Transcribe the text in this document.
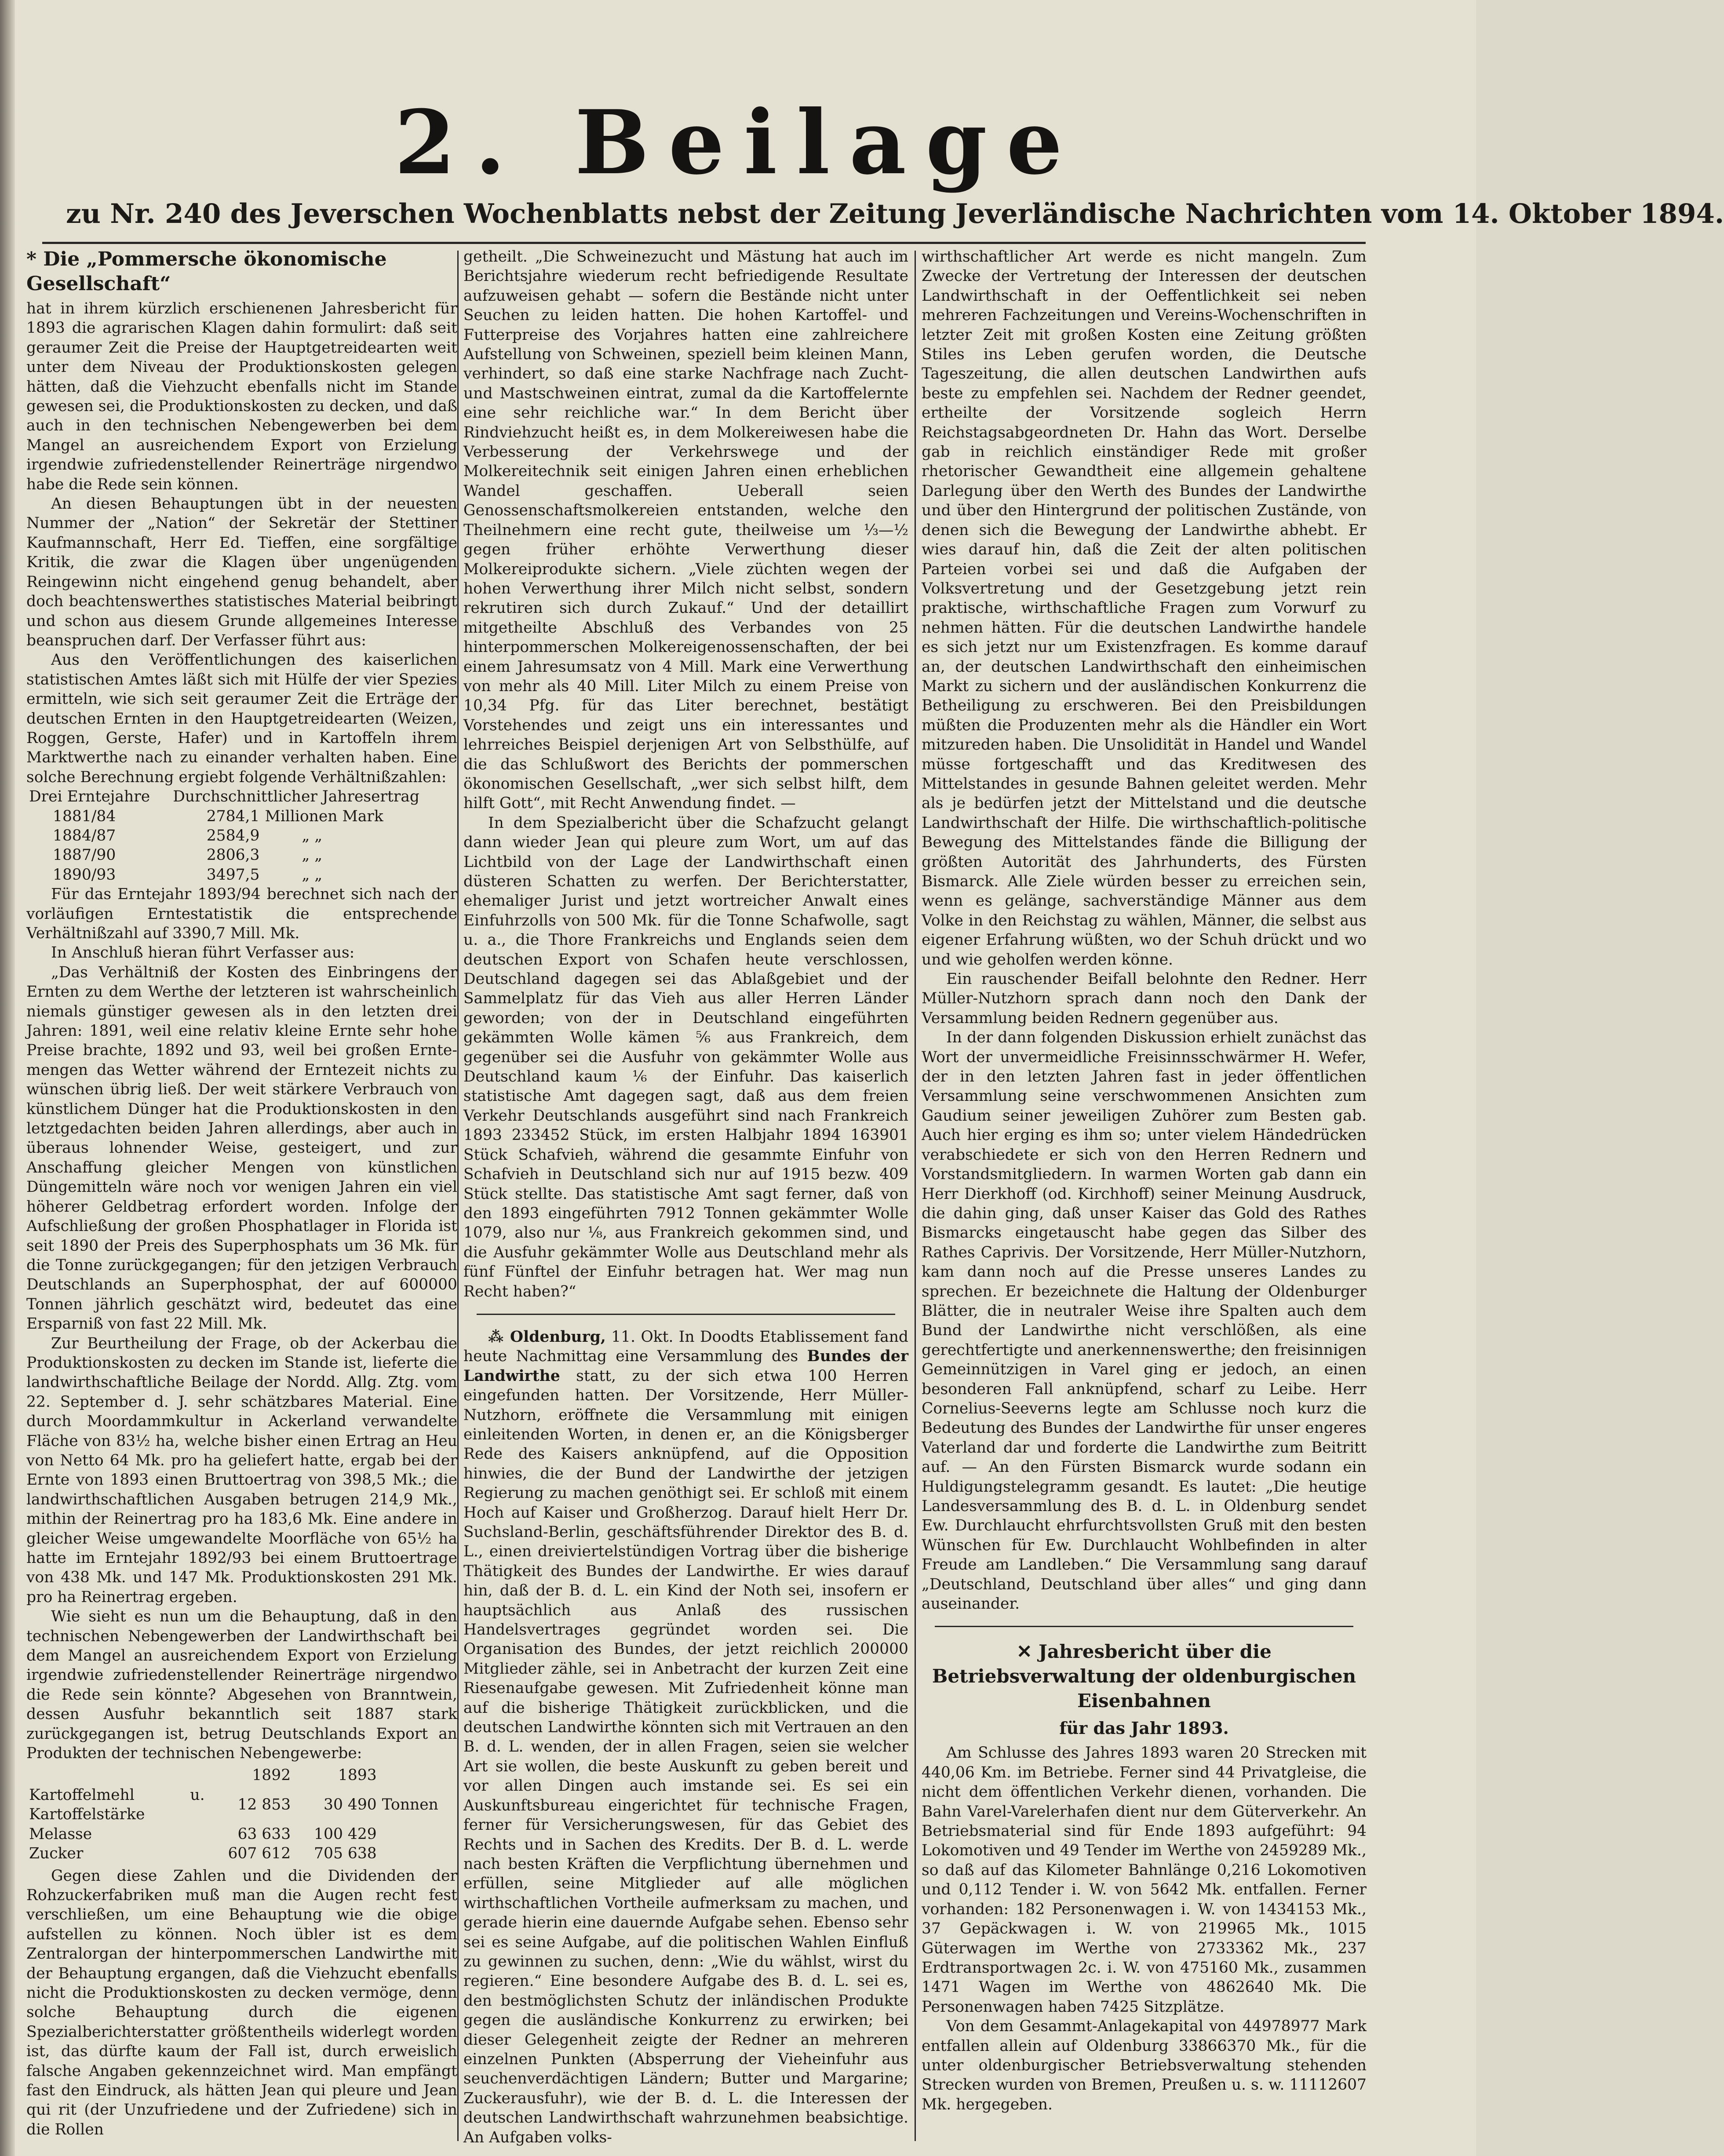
2. Beilage
zu Nr. 240 des Jeverschen Wochenblatts nebst der Zeitung Jeverländische Nachrichten vom 14. Oktober 1894.
* Die „Pommersche ökonomische Gesellschaft“

hat in ihrem kürzlich erschienenen Jahresbericht für 1893 die agrarischen Klagen dahin formulirt: daß seit geraumer Zeit die Preise der Hauptgetreidearten weit unter dem Niveau der Produktionskosten gelegen hätten, daß die Viehzucht ebenfalls nicht im Stande gewesen sei, die Produktionskosten zu decken, und daß auch in den technischen Nebengewerben bei dem Mangel an ausreichendem Export von Erzielung irgendwie zufriedenstellender Reinerträge nirgendwo habe die Rede sein können.

An diesen Behauptungen übt in der neuesten Nummer der „Nation“ der Sekretär der Stettiner Kaufmannschaft, Herr Ed. Tieffen, eine sorgfältige Kritik, die zwar die Klagen über ungenügenden Reingewinn nicht eingehend genug behandelt, aber doch beachtenswerthes statistisches Material beibringt und schon aus diesem Grunde allgemeines Interesse beanspruchen darf. Der Verfasser führt aus:

Aus den Veröffentlichungen des kaiserlichen statistischen Amtes läßt sich mit Hülfe der vier Spezies ermitteln, wie sich seit geraumer Zeit die Erträge der deutschen Ernten in den Hauptgetreidearten (Weizen, Roggen, Gerste, Hafer) und in Kartoffeln ihrem Marktwerthe nach zu einander verhalten haben. Eine solche Berechnung ergiebt folgende Verhältnißzahlen:

Drei Erntejahre	Durchschnittlicher Jahresertrag	
1881/84	2784,1	Millionen Mark
1884/87	2584,9	„ „
1887/90	2806,3	„ „
1890/93	3497,5	„ „

Für das Erntejahr 1893/94 berechnet sich nach der vorläufigen Erntestatistik die entsprechende Verhältnißzahl auf 3390,7 Mill. Mk.

In Anschluß hieran führt Verfasser aus:

„Das Verhältniß der Kosten des Einbringens der Ernten zu dem Werthe der letzteren ist wahrscheinlich niemals günstiger gewesen als in den letzten drei Jahren: 1891, weil eine relativ kleine Ernte sehr hohe Preise brachte, 1892 und 93, weil bei großen Erntemengen das Wetter während der Erntezeit nichts zu wünschen übrig ließ. Der weit stärkere Verbrauch von künstlichem Dünger hat die Produktionskosten in den letztgedachten beiden Jahren allerdings, aber auch in überaus lohnender Weise, gesteigert, und zur Anschaffung gleicher Mengen von künstlichen Düngemitteln wäre noch vor wenigen Jahren ein viel höherer Geldbetrag erfordert worden. Infolge der Aufschließung der großen Phosphatlager in Florida ist seit 1890 der Preis des Superphosphats um 36 Mk. für die Tonne zurückgegangen; für den jetzigen Verbrauch Deutschlands an Superphosphat, der auf 600000 Tonnen jährlich geschätzt wird, bedeutet das eine Ersparniß von fast 22 Mill. Mk.

Zur Beurtheilung der Frage, ob der Ackerbau die Produktionskosten zu decken im Stande ist, lieferte die landwirthschaftliche Beilage der Nordd. Allg. Ztg. vom 22. September d. J. sehr schätzbares Material. Eine durch Moordammkultur in Ackerland verwandelte Fläche von 83½ ha, welche bisher einen Ertrag an Heu von Netto 64 Mk. pro ha geliefert hatte, ergab bei der Ernte von 1893 einen Bruttoertrag von 398,5 Mk.; die landwirthschaftlichen Ausgaben betrugen 214,9 Mk., mithin der Reinertrag pro ha 183,6 Mk. Eine andere in gleicher Weise umgewandelte Moorfläche von 65½ ha hatte im Erntejahr 1892/93 bei einem Bruttoertrage von 438 Mk. und 147 Mk. Produktionskosten 291 Mk. pro ha Reinertrag ergeben.

Wie sieht es nun um die Behauptung, daß in den technischen Nebengewerben der Landwirthschaft bei dem Mangel an ausreichendem Export von Erzielung irgendwie zufriedenstellender Reinerträge nirgendwo die Rede sein könnte? Abgesehen von Branntwein, dessen Ausfuhr bekanntlich seit 1887 stark zurückgegangen ist, betrug Deutschlands Export an Produkten der technischen Nebengewerbe:

	1892	1893	
Kartoffelmehl u. Kartoffelstärke	12 853	30 490	Tonnen
Melasse	63 633	100 429	
Zucker	607 612	705 638	

Gegen diese Zahlen und die Dividenden der Rohzuckerfabriken muß man die Augen recht fest verschließen, um eine Behauptung wie die obige aufstellen zu können. Noch übler ist es dem Zentralorgan der hinterpommerschen Landwirthe mit der Behauptung ergangen, daß die Viehzucht ebenfalls nicht die Produktionskosten zu decken vermöge, denn solche Behauptung durch die eigenen Spezialberichterstatter größtentheils widerlegt worden ist, das dürfte kaum der Fall ist, durch erweislich falsche Angaben gekennzeichnet wird. Man empfängt fast den Eindruck, als hätten Jean qui pleure und Jean qui rit (der Unzufriedene und der Zufriedene) sich in die Rollen

getheilt. „Die Schweinezucht und Mästung hat auch im Berichtsjahre wiederum recht befriedigende Resultate aufzuweisen gehabt — sofern die Bestände nicht unter Seuchen zu leiden hatten. Die hohen Kartoffel- und Futterpreise des Vorjahres hatten eine zahlreichere Aufstellung von Schweinen, speziell beim kleinen Mann, verhindert, so daß eine starke Nachfrage nach Zucht- und Mastschweinen eintrat, zumal da die Kartoffelernte eine sehr reichliche war.“ In dem Bericht über Rindviehzucht heißt es, in dem Molkereiwesen habe die Verbesserung der Verkehrswege und der Molkereitechnik seit einigen Jahren einen erheblichen Wandel geschaffen. Ueberall seien Genossenschaftsmolkereien entstanden, welche den Theilnehmern eine recht gute, theilweise um ⅓—½ gegen früher erhöhte Verwerthung dieser Molkereiprodukte sichern. „Viele züchten wegen der hohen Verwerthung ihrer Milch nicht selbst, sondern rekrutiren sich durch Zukauf.“ Und der detaillirt mitgetheilte Abschluß des Verbandes von 25 hinterpommerschen Molkereigenossenschaften, der bei einem Jahresumsatz von 4 Mill. Mark eine Verwerthung von mehr als 40 Mill. Liter Milch zu einem Preise von 10,34 Pfg. für das Liter berechnet, bestätigt Vorstehendes und zeigt uns ein interessantes und lehrreiches Beispiel derjenigen Art von Selbsthülfe, auf die das Schlußwort des Berichts der pommerschen ökonomischen Gesellschaft, „wer sich selbst hilft, dem hilft Gott“, mit Recht Anwendung findet. —

In dem Spezialbericht über die Schafzucht gelangt dann wieder Jean qui pleure zum Wort, um auf das Lichtbild von der Lage der Landwirthschaft einen düsteren Schatten zu werfen. Der Berichterstatter, ehemaliger Jurist und jetzt wortreicher Anwalt eines Einfuhrzolls von 500 Mk. für die Tonne Schafwolle, sagt u. a., die Thore Frankreichs und Englands seien dem deutschen Export von Schafen heute verschlossen, Deutschland dagegen sei das Ablaßgebiet und der Sammelplatz für das Vieh aus aller Herren Länder geworden; von der in Deutschland eingeführten gekämmten Wolle kämen ⁵⁄₆ aus Frankreich, dem gegenüber sei die Ausfuhr von gekämmter Wolle aus Deutschland kaum ⅙ der Einfuhr. Das kaiserlich statistische Amt dagegen sagt, daß aus dem freien Verkehr Deutschlands ausgeführt sind nach Frankreich 1893 233452 Stück, im ersten Halbjahr 1894 163901 Stück Schafvieh, während die gesammte Einfuhr von Schafvieh in Deutschland sich nur auf 1915 bezw. 409 Stück stellte. Das statistische Amt sagt ferner, daß von den 1893 eingeführten 7912 Tonnen gekämmter Wolle 1079, also nur ⅛, aus Frankreich gekommen sind, und die Ausfuhr gekämmter Wolle aus Deutschland mehr als fünf Fünftel der Einfuhr betragen hat. Wer mag nun Recht haben?“

⁂ Oldenburg, 11. Okt. In Doodts Etablissement fand heute Nachmittag eine Versammlung des Bundes der Landwirthe statt, zu der sich etwa 100 Herren eingefunden hatten. Der Vorsitzende, Herr Müller-Nutzhorn, eröffnete die Versammlung mit einigen einleitenden Worten, in denen er, an die Königsberger Rede des Kaisers anknüpfend, auf die Opposition hinwies, die der Bund der Landwirthe der jetzigen Regierung zu machen genöthigt sei. Er schloß mit einem Hoch auf Kaiser und Großherzog. Darauf hielt Herr Dr. Suchsland-Berlin, geschäftsführender Direktor des B. d. L., einen dreiviertelstündigen Vortrag über die bisherige Thätigkeit des Bundes der Landwirthe. Er wies darauf hin, daß der B. d. L. ein Kind der Noth sei, insofern er hauptsächlich aus Anlaß des russischen Handelsvertrages gegründet worden sei. Die Organisation des Bundes, der jetzt reichlich 200000 Mitglieder zähle, sei in Anbetracht der kurzen Zeit eine Riesenaufgabe gewesen. Mit Zufriedenheit könne man auf die bisherige Thätigkeit zurückblicken, und die deutschen Landwirthe könnten sich mit Vertrauen an den B. d. L. wenden, der in allen Fragen, seien sie welcher Art sie wollen, die beste Auskunft zu geben bereit und vor allen Dingen auch imstande sei. Es sei ein Auskunftsbureau eingerichtet für technische Fragen, ferner für Versicherungswesen, für das Gebiet des Rechts und in Sachen des Kredits. Der B. d. L. werde nach besten Kräften die Verpflichtung übernehmen und erfüllen, seine Mitglieder auf alle möglichen wirthschaftlichen Vortheile aufmerksam zu machen, und gerade hierin eine dauernde Aufgabe sehen. Ebenso sehr sei es seine Aufgabe, auf die politischen Wahlen Einfluß zu gewinnen zu suchen, denn: „Wie du wählst, wirst du regieren.“ Eine besondere Aufgabe des B. d. L. sei es, den bestmöglichsten Schutz der inländischen Produkte gegen die ausländische Konkurrenz zu erwirken; bei dieser Gelegenheit zeigte der Redner an mehreren einzelnen Punkten (Absperrung der Vieheinfuhr aus seuchenverdächtigen Ländern; Butter und Margarine; Zuckerausfuhr), wie der B. d. L. die Interessen der deutschen Landwirthschaft wahrzunehmen beabsichtige. An Aufgaben volks-

wirthschaftlicher Art werde es nicht mangeln. Zum Zwecke der Vertretung der Interessen der deutschen Landwirthschaft in der Oeffentlichkeit sei neben mehreren Fachzeitungen und Vereins-Wochenschriften in letzter Zeit mit großen Kosten eine Zeitung größten Stiles ins Leben gerufen worden, die Deutsche Tageszeitung, die allen deutschen Landwirthen aufs beste zu empfehlen sei. Nachdem der Redner geendet, ertheilte der Vorsitzende sogleich Herrn Reichstagsabgeordneten Dr. Hahn das Wort. Derselbe gab in reichlich einständiger Rede mit großer rhetorischer Gewandtheit eine allgemein gehaltene Darlegung über den Werth des Bundes der Landwirthe und über den Hintergrund der politischen Zustände, von denen sich die Bewegung der Landwirthe abhebt. Er wies darauf hin, daß die Zeit der alten politischen Parteien vorbei sei und daß die Aufgaben der Volksvertretung und der Gesetzgebung jetzt rein praktische, wirthschaftliche Fragen zum Vorwurf zu nehmen hätten. Für die deutschen Landwirthe handele es sich jetzt nur um Existenzfragen. Es komme darauf an, der deutschen Landwirthschaft den einheimischen Markt zu sichern und der ausländischen Konkurrenz die Betheiligung zu erschweren. Bei den Preisbildungen müßten die Produzenten mehr als die Händler ein Wort mitzureden haben. Die Unsolidität in Handel und Wandel müsse fortgeschafft und das Kreditwesen des Mittelstandes in gesunde Bahnen geleitet werden. Mehr als je bedürfen jetzt der Mittelstand und die deutsche Landwirthschaft der Hilfe. Die wirthschaftlich-politische Bewegung des Mittelstandes fände die Billigung der größten Autorität des Jahrhunderts, des Fürsten Bismarck. Alle Ziele würden besser zu erreichen sein, wenn es gelänge, sachverständige Männer aus dem Volke in den Reichstag zu wählen, Männer, die selbst aus eigener Erfahrung wüßten, wo der Schuh drückt und wo und wie geholfen werden könne.

Ein rauschender Beifall belohnte den Redner. Herr Müller-Nutzhorn sprach dann noch den Dank der Versammlung beiden Rednern gegenüber aus.

In der dann folgenden Diskussion erhielt zunächst das Wort der unvermeidliche Freisinnsschwärmer H. Wefer, der in den letzten Jahren fast in jeder öffentlichen Versammlung seine verschwommenen Ansichten zum Gaudium seiner jeweiligen Zuhörer zum Besten gab. Auch hier erging es ihm so; unter vielem Händedrücken verabschiedete er sich von den Herren Rednern und Vorstandsmitgliedern. In warmen Worten gab dann ein Herr Dierkhoff (od. Kirchhoff) seiner Meinung Ausdruck, die dahin ging, daß unser Kaiser das Gold des Rathes Bismarcks eingetauscht habe gegen das Silber des Rathes Caprivis. Der Vorsitzende, Herr Müller-Nutzhorn, kam dann noch auf die Presse unseres Landes zu sprechen. Er bezeichnete die Haltung der Oldenburger Blätter, die in neutraler Weise ihre Spalten auch dem Bund der Landwirthe nicht verschlößen, als eine gerechtfertigte und anerkennenswerthe; den freisinnigen Gemeinnützigen in Varel ging er jedoch, an einen besonderen Fall anknüpfend, scharf zu Leibe. Herr Cornelius-Seeverns legte am Schlusse noch kurz die Bedeutung des Bundes der Landwirthe für unser engeres Vaterland dar und forderte die Landwirthe zum Beitritt auf. — An den Fürsten Bismarck wurde sodann ein Huldigungstelegramm gesandt. Es lautet: „Die heutige Landesversammlung des B. d. L. in Oldenburg sendet Ew. Durchlaucht ehrfurchtsvollsten Gruß mit den besten Wünschen für Ew. Durchlaucht Wohlbefinden in alter Freude am Landleben.“ Die Versammlung sang darauf „Deutschland, Deutschland über alles“ und ging dann auseinander.

✕ Jahresbericht über die Betriebsverwaltung der oldenburgischen Eisenbahnen
für das Jahr 1893.

Am Schlusse des Jahres 1893 waren 20 Strecken mit 440,06 Km. im Betriebe. Ferner sind 44 Privatgleise, die nicht dem öffentlichen Verkehr dienen, vorhanden. Die Bahn Varel-Varelerhafen dient nur dem Güterverkehr. An Betriebsmaterial sind für Ende 1893 aufgeführt: 94 Lokomotiven und 49 Tender im Werthe von 2459289 Mk., so daß auf das Kilometer Bahnlänge 0,216 Lokomotiven und 0,112 Tender i. W. von 5642 Mk. entfallen. Ferner vorhanden: 182 Personenwagen i. W. von 1434153 Mk., 37 Gepäckwagen i. W. von 219965 Mk., 1015 Güterwagen im Werthe von 2733362 Mk., 237 Erdtransportwagen 2c. i. W. von 475160 Mk., zusammen 1471 Wagen im Werthe von 4862640 Mk. Die Personenwagen haben 7425 Sitzplätze.

Von dem Gesammt-Anlagekapital von 44978977 Mark entfallen allein auf Oldenburg 33866370 Mk., für die unter oldenburgischer Betriebsverwaltung stehenden Strecken wurden von Bremen, Preußen u. s. w. 11112607 Mk. hergegeben.
